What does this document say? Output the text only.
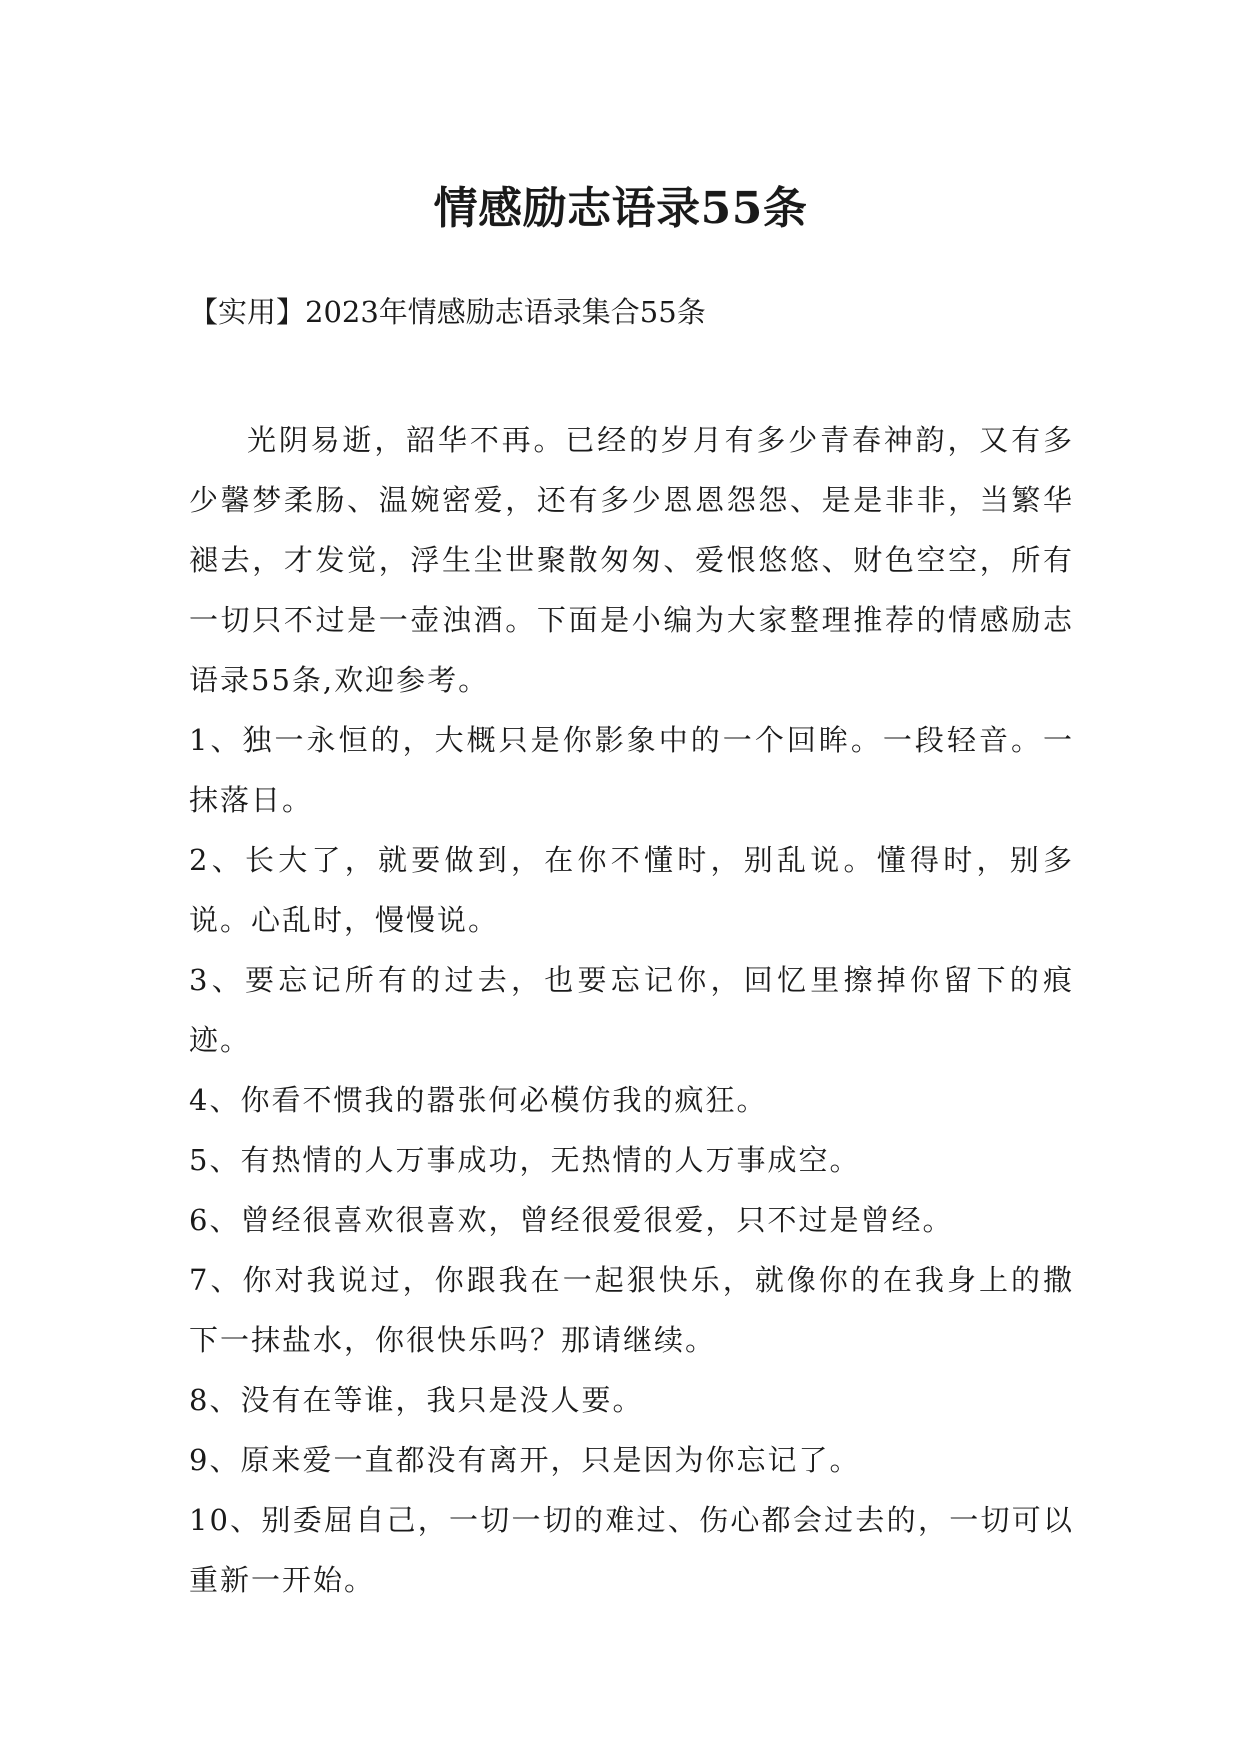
情感励志语录55条
【实用】2023年情感励志语录集合55条

光阴易逝，韶华不再。已经的岁月有多少青春神韵，又有多少馨梦柔肠、温婉密爱，还有多少恩恩怨怨、是是非非，当繁华褪去，才发觉，浮生尘世聚散匆匆、爱恨悠悠、财色空空，所有一切只不过是一壶浊酒。下面是小编为大家整理推荐的情感励志语录55条,欢迎参考。

1、独一永恒的，大概只是你影象中的一个回眸。一段轻音。一抹落日。
2、长大了，就要做到，在你不懂时，别乱说。懂得时，别多说。心乱时，慢慢说。
3、要忘记所有的过去，也要忘记你，回忆里擦掉你留下的痕迹。
4、你看不惯我的嚣张何必模仿我的疯狂。
5、有热情的人万事成功，无热情的人万事成空。
6、曾经很喜欢很喜欢，曾经很爱很爱，只不过是曾经。
7、你对我说过，你跟我在一起狠快乐，就像你的在我身上的撒下一抹盐水，你很快乐吗？那请继续。
8、没有在等谁，我只是没人要。
9、原来爱一直都没有离开，只是因为你忘记了。
10、别委屈自己，一切一切的难过、伤心都会过去的，一切可以重新一开始。
